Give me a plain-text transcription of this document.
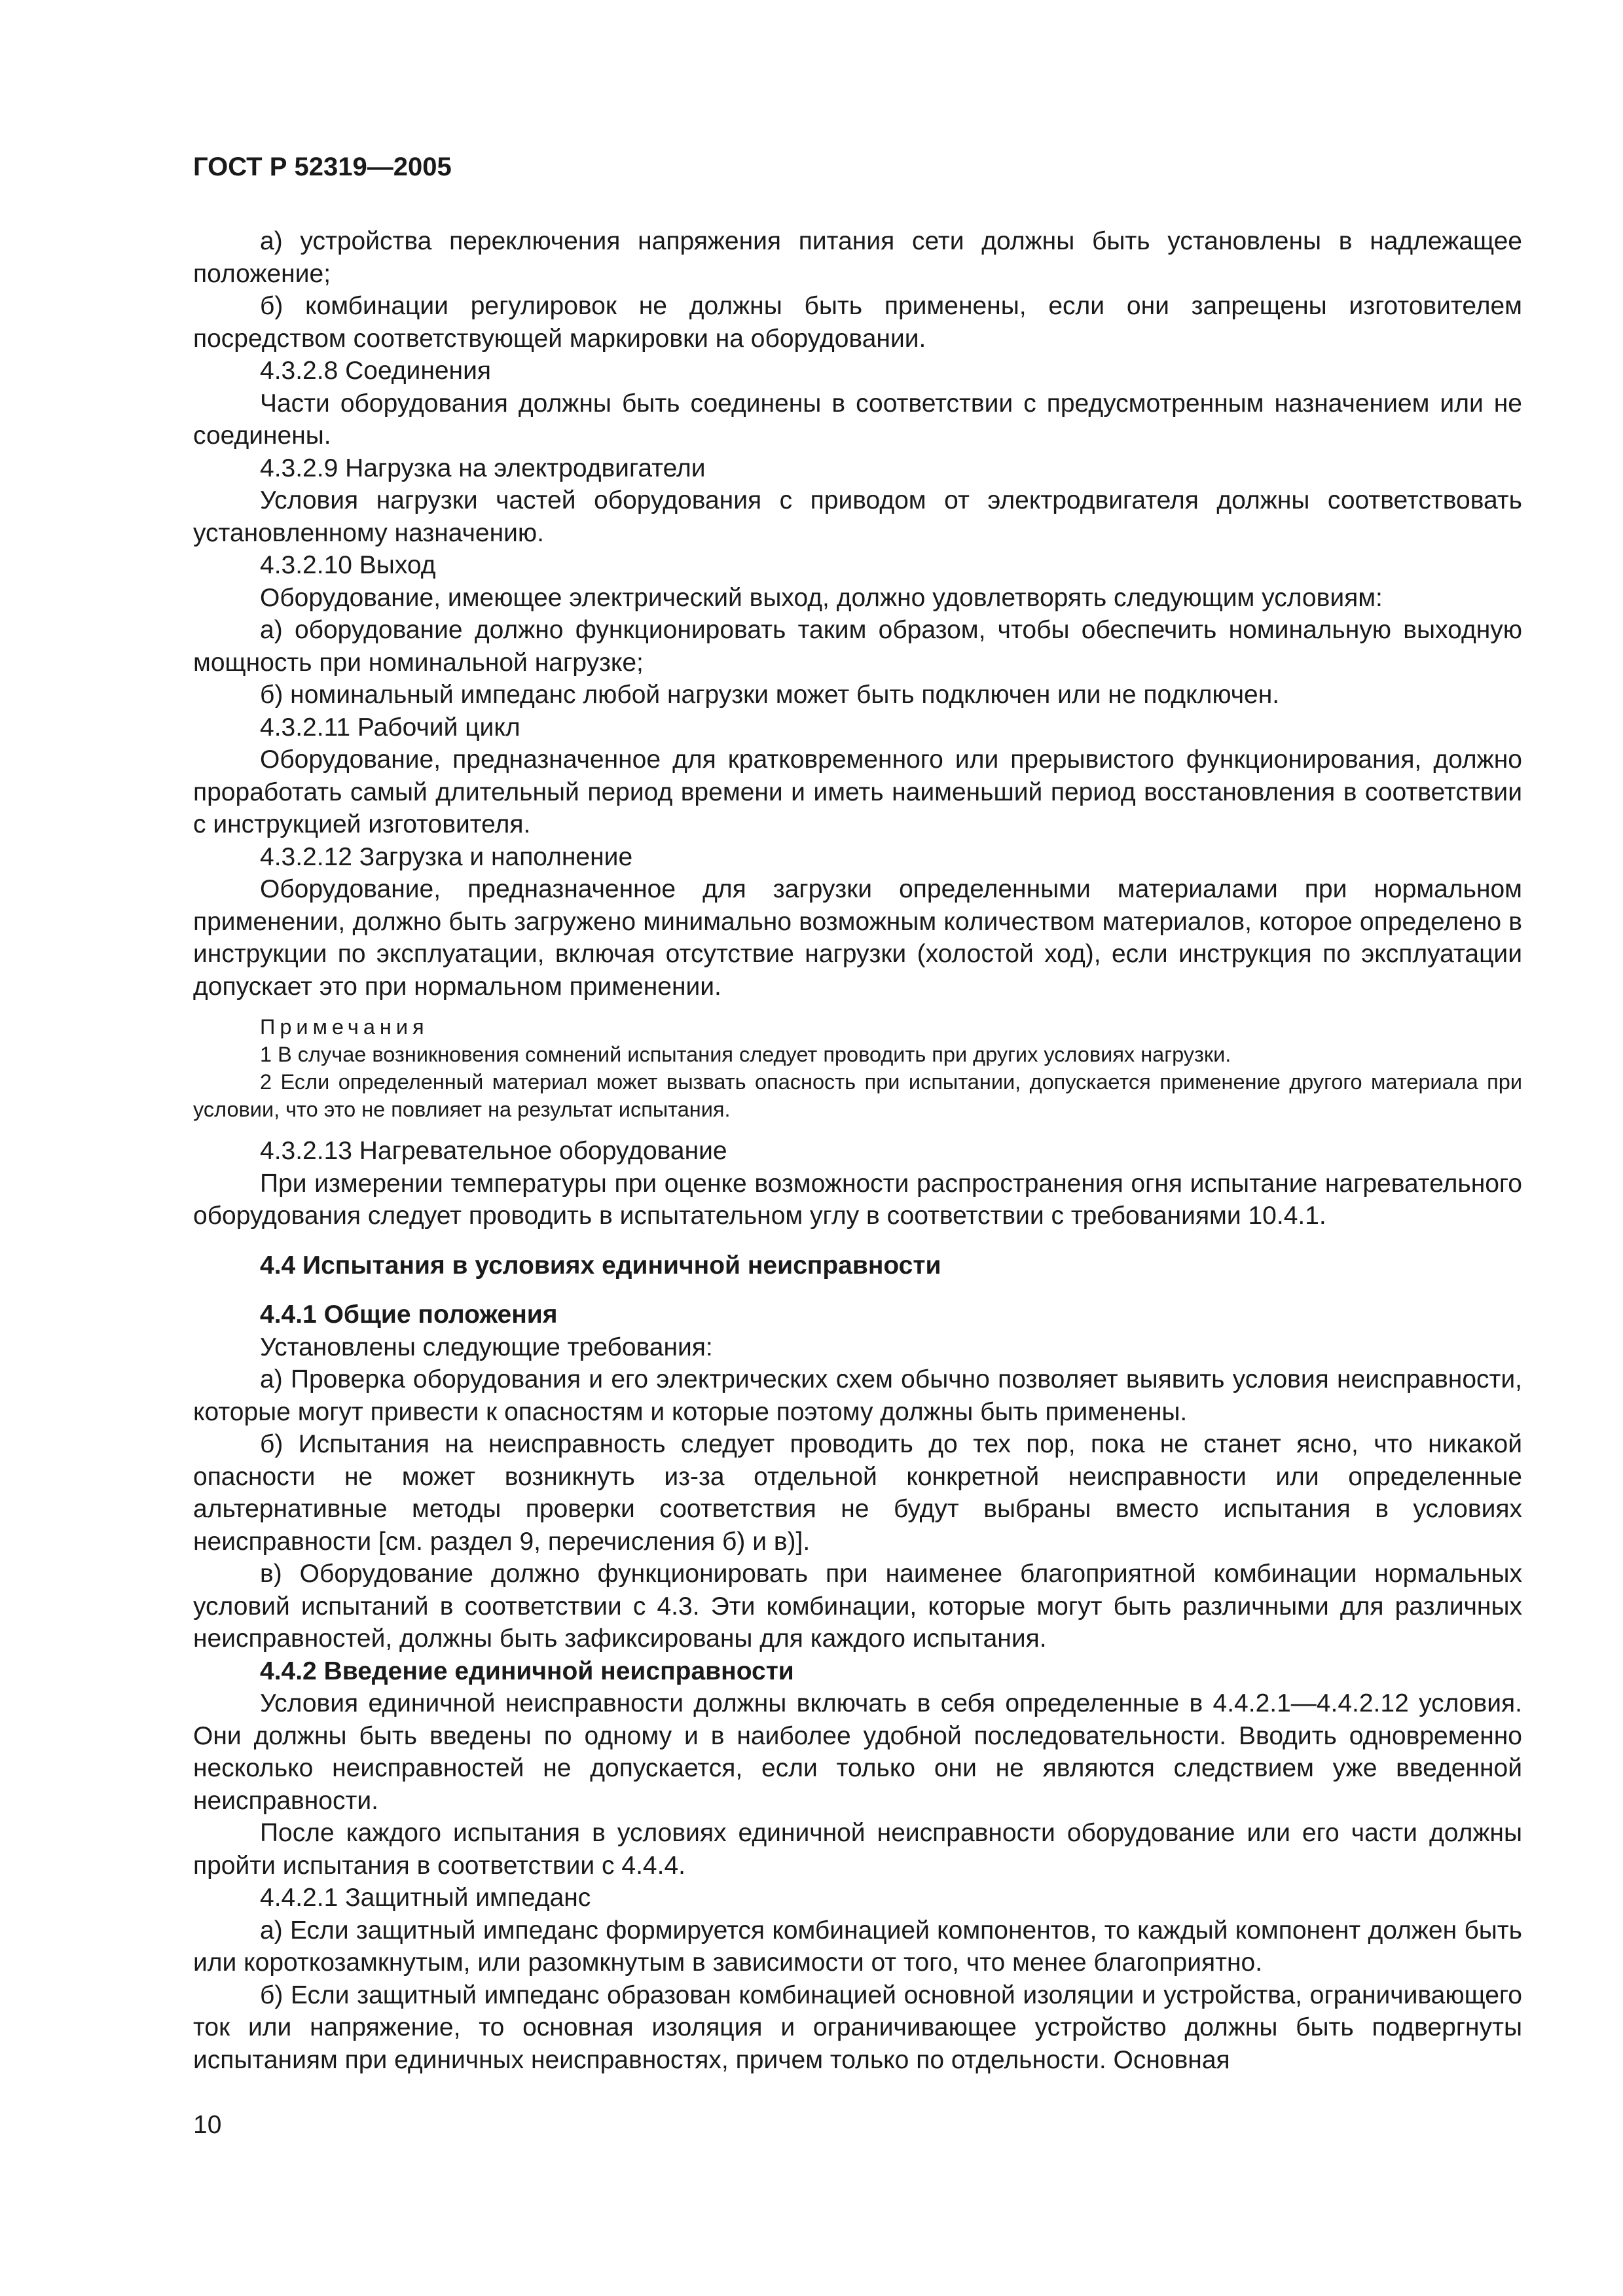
ГОСТ Р 52319—2005

а) устройства переключения напряжения питания сети должны быть установлены в надлежащее положение;

б) комбинации регулировок не должны быть применены, если они запрещены изготовителем посредством соответствующей маркировки на оборудовании.

4.3.2.8 Соединения

Части оборудования должны быть соединены в соответствии с предусмотренным назначением или не соединены.

4.3.2.9 Нагрузка на электродвигатели

Условия нагрузки частей оборудования с приводом от электродвигателя должны соответствовать установленному назначению.

4.3.2.10 Выход

Оборудование, имеющее электрический выход, должно удовлетворять следующим условиям:

а) оборудование должно функционировать таким образом, чтобы обеспечить номинальную выходную мощность при номинальной нагрузке;

б) номинальный импеданс любой нагрузки может быть подключен или не подключен.

4.3.2.11 Рабочий цикл

Оборудование, предназначенное для кратковременного или прерывистого функционирования, должно проработать самый длительный период времени и иметь наименьший период восстановления в соответствии с инструкцией изготовителя.

4.3.2.12 Загрузка и наполнение

Оборудование, предназначенное для загрузки определенными материалами при нормальном применении, должно быть загружено минимально возможным количеством материалов, которое определено в инструкции по эксплуатации, включая отсутствие нагрузки (холостой ход), если инструкция по эксплуатации допускает это при нормальном применении.

Примечания

1 В случае возникновения сомнений испытания следует проводить при других условиях нагрузки.

2 Если определенный материал может вызвать опасность при испытании, допускается применение другого материала при условии, что это не повлияет на результат испытания.

4.3.2.13 Нагревательное оборудование

При измерении температуры при оценке возможности распространения огня испытание нагревательного оборудования следует проводить в испытательном углу в соответствии с требованиями 10.4.1.

4.4 Испытания в условиях единичной неисправности

4.4.1 Общие положения

Установлены следующие требования:

а) Проверка оборудования и его электрических схем обычно позволяет выявить условия неисправности, которые могут привести к опасностям и которые поэтому должны быть применены.

б) Испытания на неисправность следует проводить до тех пор, пока не станет ясно, что никакой опасности не может возникнуть из-за отдельной конкретной неисправности или определенные альтернативные методы проверки соответствия не будут выбраны вместо испытания в условиях неисправности [см. раздел 9, перечисления б) и в)].

в) Оборудование должно функционировать при наименее благоприятной комбинации нормальных условий испытаний в соответствии с 4.3. Эти комбинации, которые могут быть различными для различных неисправностей, должны быть зафиксированы для каждого испытания.

4.4.2 Введение единичной неисправности

Условия единичной неисправности должны включать в себя определенные в 4.4.2.1—4.4.2.12 условия. Они должны быть введены по одному и в наиболее удобной последовательности. Вводить одновременно несколько неисправностей не допускается, если только они не являются следствием уже введенной неисправности.

После каждого испытания в условиях единичной неисправности оборудование или его части должны пройти испытания в соответствии с 4.4.4.

4.4.2.1 Защитный импеданс

а) Если защитный импеданс формируется комбинацией компонентов, то каждый компонент должен быть или короткозамкнутым, или разомкнутым в зависимости от того, что менее благоприятно.

б) Если защитный импеданс образован комбинацией основной изоляции и устройства, ограничивающего ток или напряжение, то основная изоляция и ограничивающее устройство должны быть подвергнуты испытаниям при единичных неисправностях, причем только по отдельности. Основная

10
